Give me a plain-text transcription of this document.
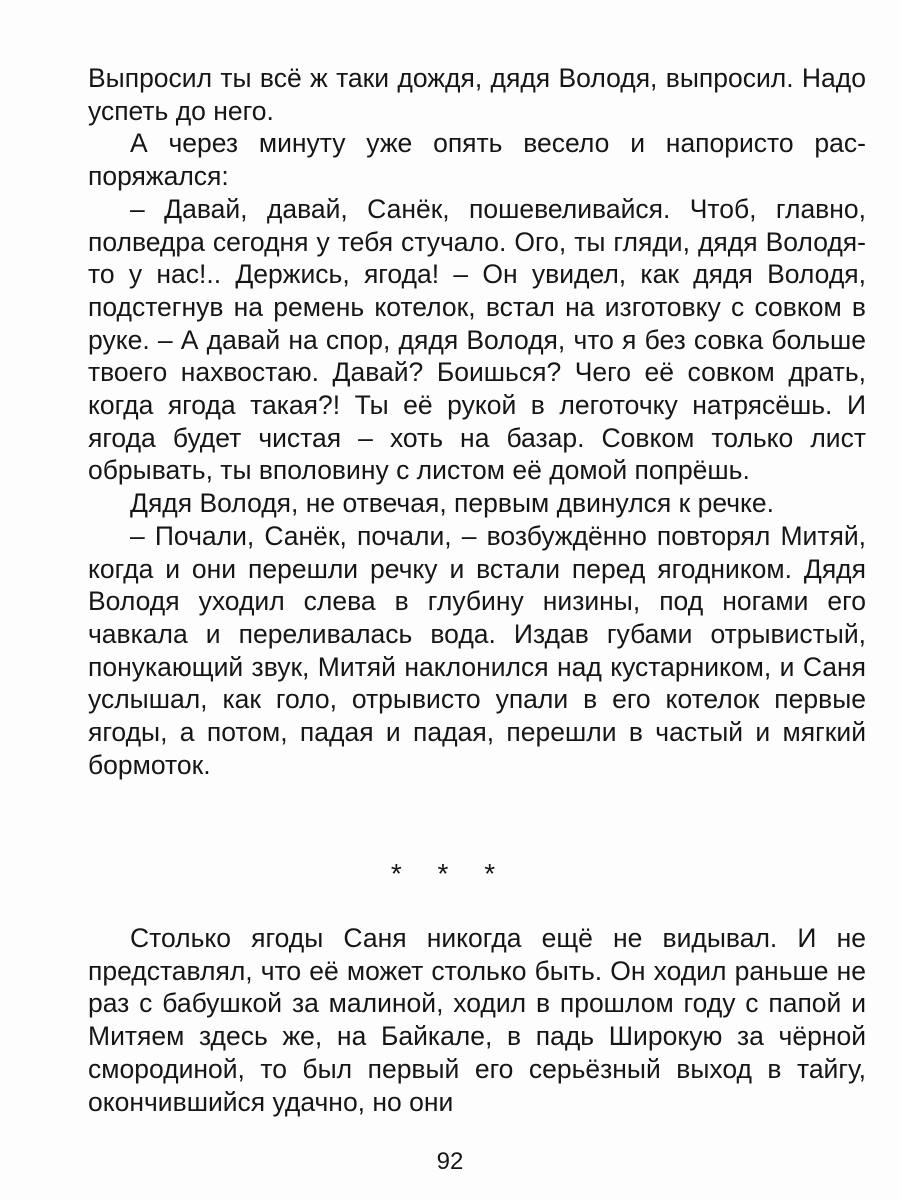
Выпросил ты всё ж таки дождя, дядя Володя, выпросил. Надо успеть до него.

А через минуту уже опять весело и напористо распоряжался:

– Давай, давай, Санёк, пошевеливайся. Чтоб, главно, полведра сегодня у тебя стучало. Ого, ты гляди, дядя Володя-то у нас!.. Держись, ягода! – Он увидел, как дядя Володя, подстегнув на ремень котелок, встал на изготовку с совком в руке. – А давай на спор, дядя Володя, что я без совка больше твоего нахвостаю. Давай? Боишься? Чего её совком драть, когда ягода такая?! Ты её рукой в леготочку натрясёшь. И ягода будет чистая – хоть на базар. Совком только лист обрывать, ты вполовину с листом её домой попрёшь.

Дядя Володя, не отвечая, первым двинулся к речке.

– Почали, Санёк, почали, – возбуждённо повторял Митяй, когда и они перешли речку и встали перед ягодником. Дядя Володя уходил слева в глубину низины, под ногами его чавкала и переливалась вода. Издав губами отрывистый, понукающий звук, Митяй наклонился над кустарником, и Саня услышал, как голо, отрывисто упали в его котелок первые ягоды, а потом, падая и падая, перешли в частый и мягкий бормоток.

* * *

Столько ягоды Саня никогда ещё не видывал. И не представлял, что её может столько быть. Он ходил раньше не раз с бабушкой за малиной, ходил в прошлом году с папой и Митяем здесь же, на Байкале, в падь Широкую за чёрной смородиной, то был первый его серьёзный выход в тайгу, окончившийся удачно, но они

92
